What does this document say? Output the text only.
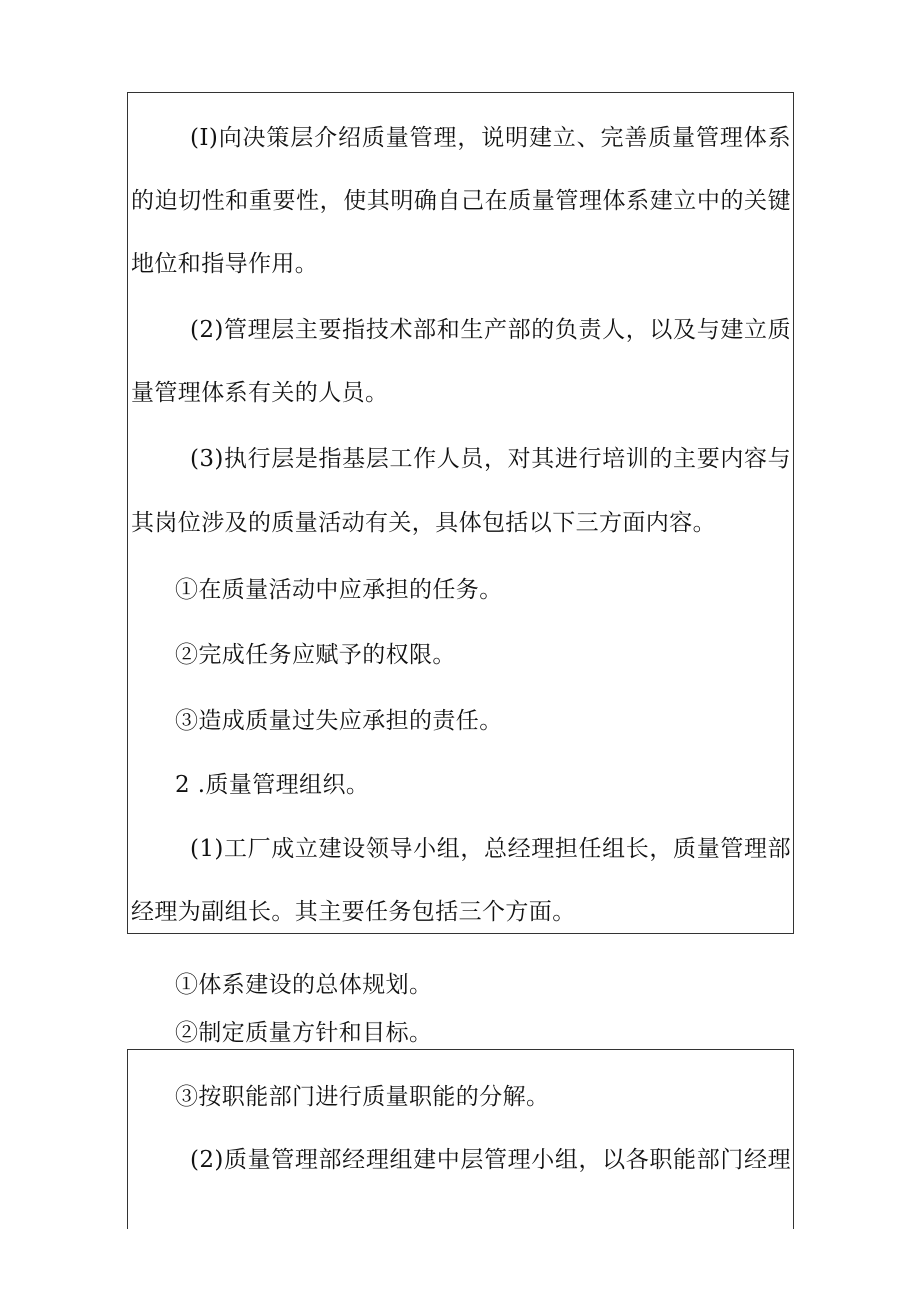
(I)向决策层介绍质量管理，说明建立、完善质量管理体系
的迫切性和重要性，使其明确自己在质量管理体系建立中的关键
地位和指导作用。
(2)管理层主要指技术部和生产部的负责人，以及与建立质
量管理体系有关的人员。
(3)执行层是指基层工作人员，对其进行培训的主要内容与
其岗位涉及的质量活动有关，具体包括以下三方面内容。
①在质量活动中应承担的任务。
②完成任务应赋予的权限。
③造成质量过失应承担的责任。
2 .质量管理组织。
(1)工厂成立建设领导小组，总经理担任组长，质量管理部
经理为副组长。其主要任务包括三个方面。
①体系建设的总体规划。
②制定质量方针和目标。
③按职能部门进行质量职能的分解。
(2)质量管理部经理组建中层管理小组，以各职能部门经理
